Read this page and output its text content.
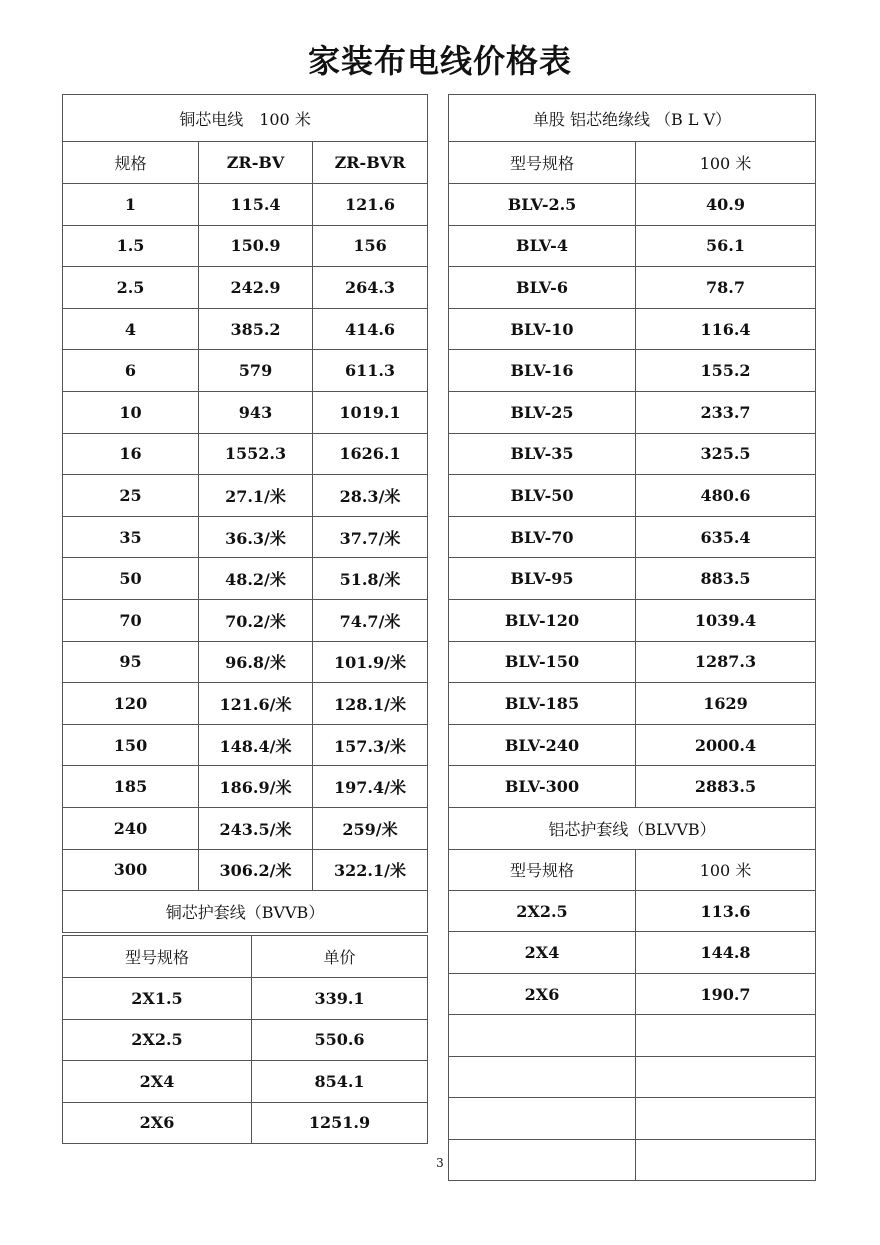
家装布电线价格表
铜芯电线　100 米		
规格	ZR-BV	ZR-BVR
1	115.4	121.6
1.5	150.9	156
2.5	242.9	264.3
4	385.2	414.6
6	579	611.3
10	943	1019.1
16	1552.3	1626.1
25	27.1/米	28.3/米
35	36.3/米	37.7/米
50	48.2/米	51.8/米
70	70.2/米	74.7/米
95	96.8/米	101.9/米
120	121.6/米	128.1/米
150	148.4/米	157.3/米
185	186.9/米	197.4/米
240	243.5/米	259/米
300	306.2/米	322.1/米
铜芯护套线（BVVB）		
型号规格	单价
2X1.5	339.1
2X2.5	550.6
2X4	854.1
2X6	1251.9
单股 铝芯绝缘线 （B L V）	
型号规格	100 米
BLV-2.5	40.9
BLV-4	56.1
BLV-6	78.7
BLV-10	116.4
BLV-16	155.2
BLV-25	233.7
BLV-35	325.5
BLV-50	480.6
BLV-70	635.4
BLV-95	883.5
BLV-120	1039.4
BLV-150	1287.3
BLV-185	1629
BLV-240	2000.4
BLV-300	2883.5
铝芯护套线（BLVVB）	
型号规格	100 米
2X2.5	113.6
2X4	144.8
2X6	190.7

3
